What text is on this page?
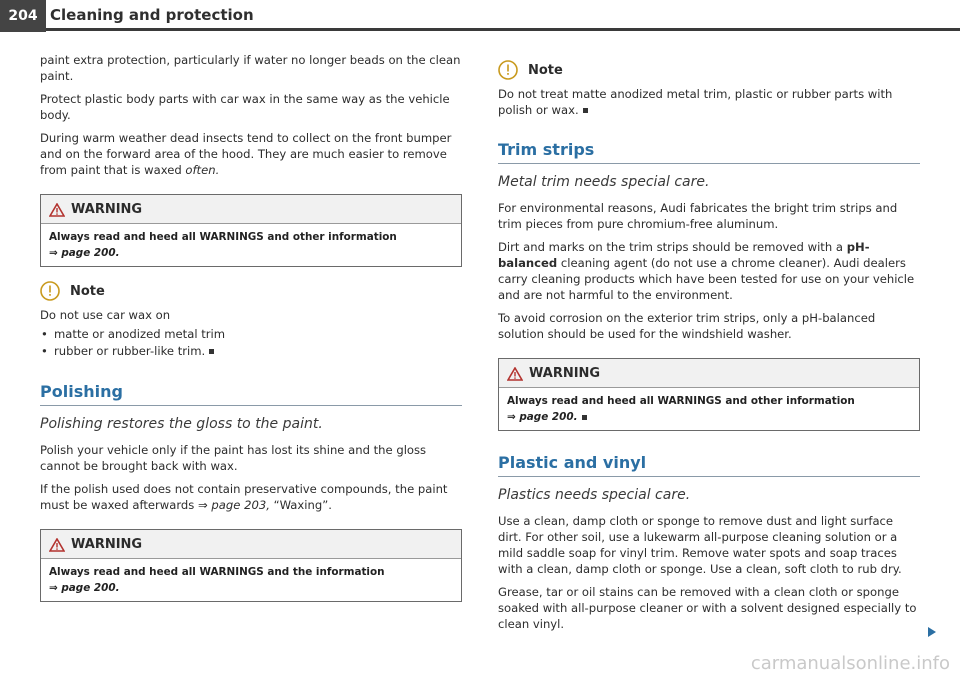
204 Cleaning and protection

paint extra protection, particularly if water no longer beads on the clean paint.

Protect plastic body parts with car wax in the same way as the vehicle body.

During warm weather dead insects tend to collect on the front bumper and on the forward area of the hood. They are much easier to remove from paint that is waxed often.

WARNING
Always read and heed all WARNINGS and other information
⇒ page 200.
Note

Do not use car wax on

• matte or anodized metal trim
• rubber or rubber-like trim.
Polishing
Polishing restores the gloss to the paint.

Polish your vehicle only if the paint has lost its shine and the gloss cannot be brought back with wax.

If the polish used does not contain preservative compounds, the paint must be waxed afterwards ⇒ page 203, “Waxing”.

WARNING
Always read and heed all WARNINGS and the information
⇒ page 200.
Note

Do not treat matte anodized metal trim, plastic or rubber parts with polish or wax.

Trim strips
Metal trim needs special care.

For environmental reasons, Audi fabricates the bright trim strips and trim pieces from pure chromium-free aluminum.

Dirt and marks on the trim strips should be removed with a pH-balanced cleaning agent (do not use a chrome cleaner). Audi dealers carry cleaning products which have been tested for use on your vehicle and are not harmful to the environment.

To avoid corrosion on the exterior trim strips, only a pH-balanced solution should be used for the windshield washer.

WARNING
Always read and heed all WARNINGS and other information
⇒ page 200.
Plastic and vinyl
Plastics needs special care.

Use a clean, damp cloth or sponge to remove dust and light surface dirt. For other soil, use a lukewarm all-purpose cleaning solution or a mild saddle soap for vinyl trim. Remove water spots and soap traces with a clean, damp cloth or sponge. Use a clean, soft cloth to rub dry.

Grease, tar or oil stains can be removed with a clean cloth or sponge soaked with all-purpose cleaner or with a solvent designed especially to clean vinyl.

carmanualsonline.info
